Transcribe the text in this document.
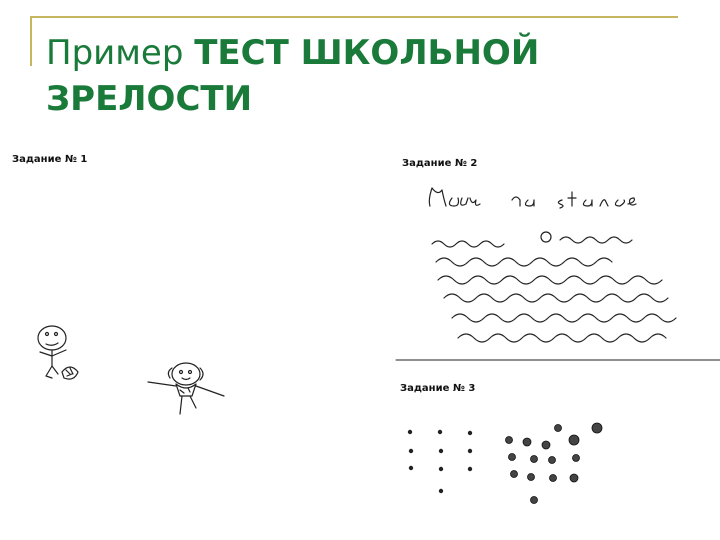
Пример ТЕСТ ШКОЛЬНОЙ ЗРЕЛОСТИ
Задание № 1	Задание № 2
Задание № 3
